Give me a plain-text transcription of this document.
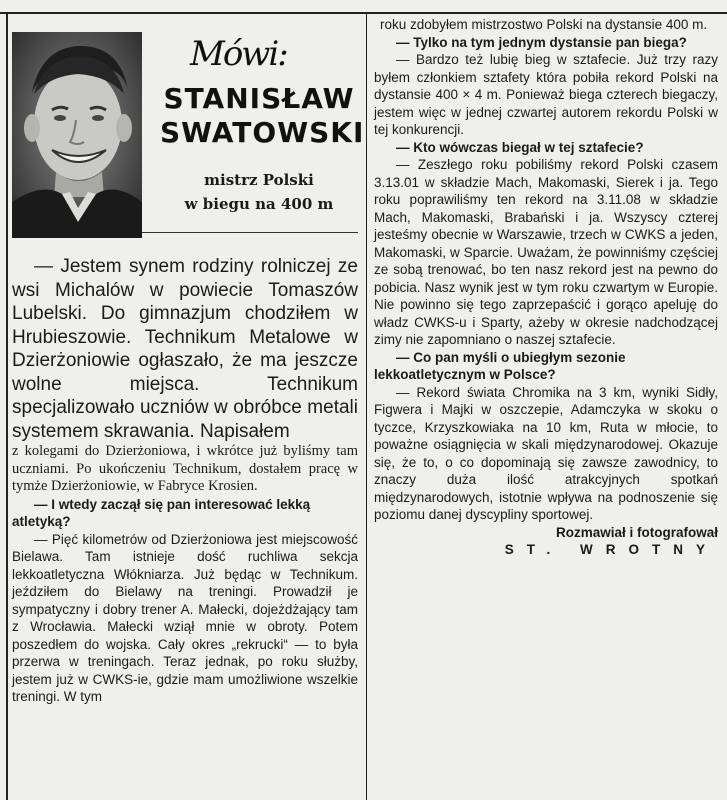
Mówi:
STANISŁAW
SWATOWSKI
mistrz Polski
w biegu na 400 m

— Jestem synem rodziny rolniczej ze wsi Michalów w powiecie Tomaszów Lubelski. Do gimnazjum chodziłem w Hrubieszowie. Technikum Metalowe w Dzierżoniowie ogłaszało, że ma jeszcze wolne miejsca. Technikum specjalizowało uczniów w obróbce metali systemem skrawania. Napisałem

z kolegami do Dzierżoniowa, i wkrótce już byliśmy tam uczniami. Po ukończeniu Technikum, dostałem pracę w tymże Dzierżoniowie, w Fabryce Krosien.

— I wtedy zaczął się pan interesować lekką atletyką?

— Pięć kilometrów od Dzierżoniowa jest miejscowość Bielawa. Tam istnieje dość ruchliwa sekcja lekkoatletyczna Włókniarza. Już będąc w Technikum. jeździłem do Bielawy na treningi. Prowadził je sympatyczny i dobry trener A. Małecki, dojeżdżający tam z Wrocławia. Małecki wziął mnie w obroty. Potem poszedłem do wojska. Cały okres „rekrucki“ — to była przerwa w treningach. Teraz jednak, po roku służby, jestem już w CWKS-ie, gdzie mam umożliwione wszelkie treningi. W tym

roku zdobyłem mistrzostwo Polski na dystansie 400 m.

— Tylko na tym jednym dystansie pan biega?

— Bardzo też lubię bieg w sztafecie. Już trzy razy byłem członkiem sztafety która pobiła rekord Polski na dystansie 400 × 4 m. Ponieważ biega czterech biegaczy, jestem więc w jednej czwartej autorem rekordu Polski w tej konkurencji.

— Kto wówczas biegał w tej sztafecie?

— Zeszłego roku pobiliśmy rekord Polski czasem 3.13.01 w składzie Mach, Makomaski, Sierek i ja. Tego roku poprawiliśmy ten rekord na 3.11.08 w składzie Mach, Makomaski, Brabański i ja. Wszyscy czterej jesteśmy obecnie w Warszawie, trzech w CWKS a jeden, Makomaski, w Sparcie. Uważam, że powinniśmy częściej ze sobą trenować, bo ten nasz rekord jest na pewno do pobicia. Nasz wynik jest w tym roku czwartym w Europie. Nie powinno się tego zaprzepaścić i gorąco apeluję do władz CWKS-u i Sparty, ażeby w okresie nadchodzącej zimy nie zapomniano o naszej sztafecie.

— Co pan myśli o ubiegłym sezonie lekkoatletycznym w Polsce?

— Rekord świata Chromika na 3 km, wyniki Sidły, Figwera i Majki w oszczepie, Adamczyka w skoku o tyczce, Krzyszkowiaka na 10 km, Ruta w młocie, to poważne osiągnięcia w skali międzynarodowej. Okazuje się, że to, o co dopominają się zawsze zawodnicy, to znaczy duża ilość atrakcyjnych spotkań międzynarodowych, istotnie wpływa na podnoszenie się poziomu danej dyscypliny sportowej.

Rozmawiał i fotografował

ST. WROTNY
